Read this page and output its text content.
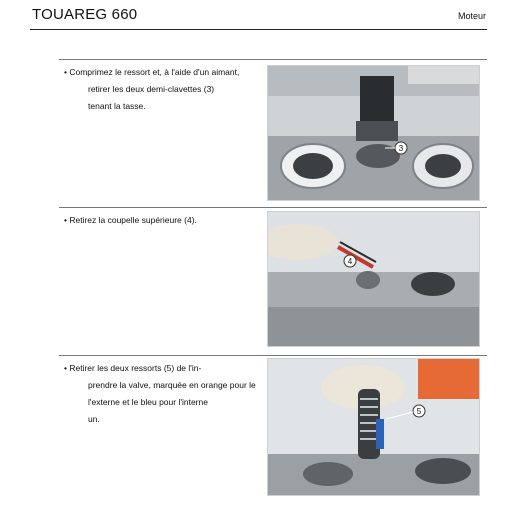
TOUAREG 660	Moteur
• Comprimez le ressort et, à l'aide d'un aimant,
retirer les deux demi-clavettes (3)
tenant la tasse.
3
• Retirez la coupelle supérieure (4).
4
• Retirer les deux ressorts (5) de l'in-
prendre la valve, marquée en orange pour le
l'externe et le bleu pour l'interne
un.
5
